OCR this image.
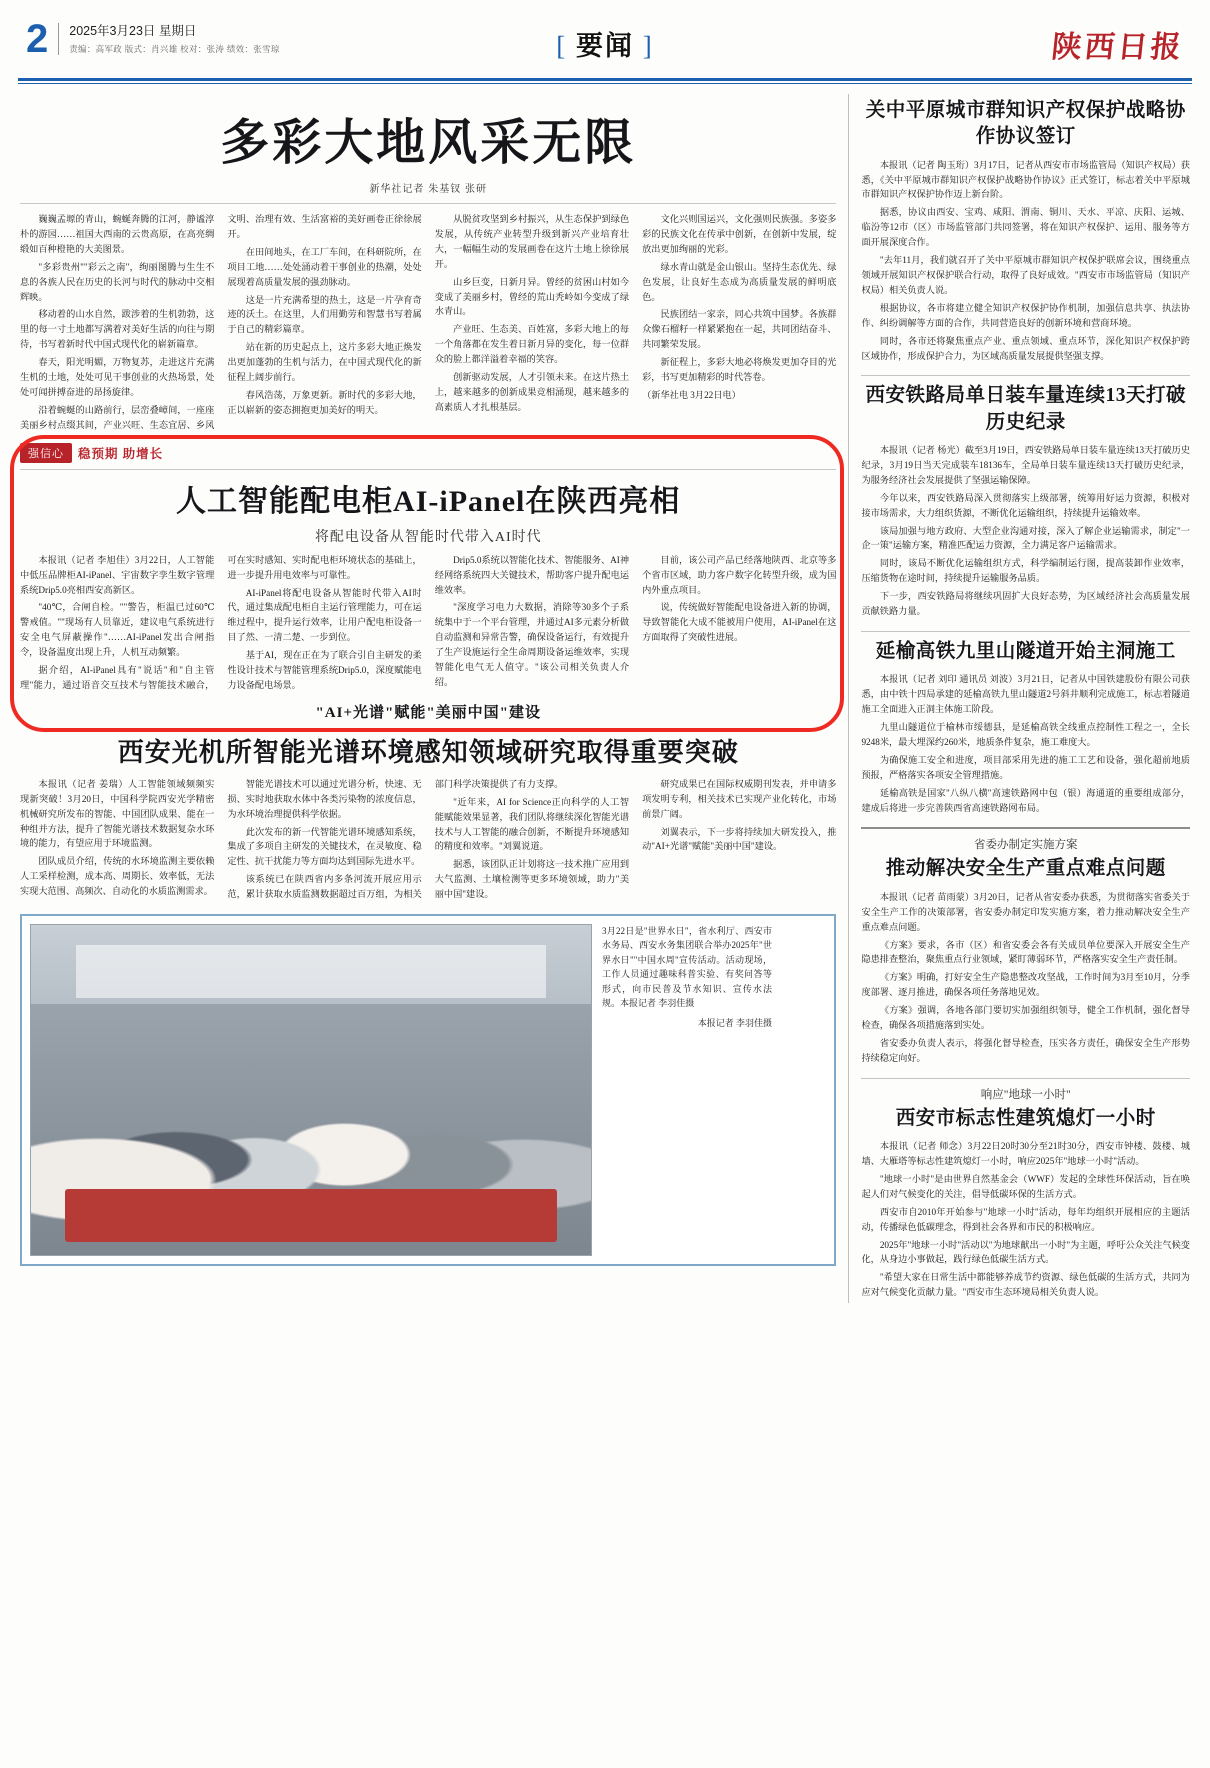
2 2025年3月23日 星期日
责编：高军政 版式：肖兴雄 校对：张涛 绩效：张雪琼	[ 要闻 ]	陕西日报
多彩大地风采无限
新华社记者 朱基钗 张研

巍巍孟塬的青山，蜿蜒奔腾的江河，静谧淳朴的游园……祖国大西南的云贵高原，在高亮绸缎如百种橙艳的大美图景。

"多彩贵州""彩云之南"，绚丽图腾与生生不息的各族人民在历史的长河与时代的脉动中交相辉映。

移动着的山水自然，跋涉着的生机勃勃，这里的每一寸土地都写满着对美好生活的向往与期待，书写着新时代中国式现代化的崭新篇章。

春天，阳光明媚，万物复苏，走进这片充满生机的土地，处处可见干事创业的火热场景，处处可闻拼搏奋进的昂扬旋律。

沿着蜿蜒的山路前行，层峦叠嶂间，一座座美丽乡村点缀其间，产业兴旺、生态宜居、乡风文明、治理有效、生活富裕的美好画卷正徐徐展开。

在田间地头，在工厂车间，在科研院所，在项目工地……处处涌动着干事创业的热潮，处处展现着高质量发展的强劲脉动。

这是一片充满希望的热土，这是一片孕育奇迹的沃土。在这里，人们用勤劳和智慧书写着属于自己的精彩篇章。

站在新的历史起点上，这片多彩大地正焕发出更加蓬勃的生机与活力，在中国式现代化的新征程上阔步前行。

春风浩荡，万象更新。新时代的多彩大地，正以崭新的姿态拥抱更加美好的明天。

从脱贫攻坚到乡村振兴，从生态保护到绿色发展，从传统产业转型升级到新兴产业培育壮大，一幅幅生动的发展画卷在这片土地上徐徐展开。

山乡巨变，日新月异。曾经的贫困山村如今变成了美丽乡村，曾经的荒山秃岭如今变成了绿水青山。

产业旺、生态美、百姓富，多彩大地上的每一个角落都在发生着日新月异的变化，每一位群众的脸上都洋溢着幸福的笑容。

创新驱动发展，人才引领未来。在这片热土上，越来越多的创新成果竞相涌现，越来越多的高素质人才扎根基层。

文化兴则国运兴，文化强则民族强。多姿多彩的民族文化在传承中创新，在创新中发展，绽放出更加绚丽的光彩。

绿水青山就是金山银山。坚持生态优先、绿色发展，让良好生态成为高质量发展的鲜明底色。

民族团结一家亲，同心共筑中国梦。各族群众像石榴籽一样紧紧抱在一起，共同团结奋斗、共同繁荣发展。

新征程上，多彩大地必将焕发更加夺目的光彩，书写更加精彩的时代答卷。

（新华社电 3月22日电）

强信心	稳预期 助增长
人工智能配电柜AI-iPanel在陕西亮相
将配电设备从智能时代带入AI时代

本报讯（记者 李旭佳）3月22日，人工智能中低压品牌柜AI-iPanel、宇宙数字孪生数字管理系统Drip5.0亮相西安高新区。

"40℃，合闸自检。""警告，柜温已过60℃警戒值。""现场有人员靠近，建议电气系统进行安全电气屏蔽操作"……AI-iPanel发出合闸指令，设备温度出现上升，人机互动频繁。

据介绍，AI-iPanel具有"说话"和"自主管理"能力，通过语音交互技术与智能技术融合，可在实时感知、实时配电柜环境状态的基础上，进一步提升用电效率与可靠性。

AI-iPanel将配电设备从智能时代带入AI时代，通过集成配电柜自主运行管理能力，可在运维过程中，提升运行效率，让用户配电柜设备一目了然、一清二楚、一步到位。

基于AI，现在正在为了联合引自主研发的柔性设计技术与智能管理系统Drip5.0，深度赋能电力设备配电场景。

Drip5.0系统以智能化技术、智能服务、AI神经网络系统四大关键技术，帮助客户提升配电运维效率。

"深度学习电力大数据，消除等30多个子系统集中于一个平台管理，并通过AI多元素分析做自动监测和异常告警，确保设备运行，有效提升了生产设施运行全生命周期设备运维效率，实现智能化电气无人值守。"该公司相关负责人介绍。

目前，该公司产品已经落地陕西、北京等多个省市区域，助力客户数字化转型升级，成为国内外重点项目。

说，传统做好智能配电设备进入新的协调，导致智能化大成不能被用户使用，AI-iPanel在这方面取得了突破性进展。

"AI+光谱"赋能"美丽中国"建设
西安光机所智能光谱环境感知领域研究取得重要突破

本报讯（记者 姜瑞）人工智能领域频频实现新突破！3月20日，中国科学院西安光学精密机械研究所发布的智能、中国团队成果、能在一种组并方法，提升了智能光谱技术数据复杂水环境的能力，有望应用于环境监测。

团队成员介绍，传统的水环境监测主要依赖人工采样检测，成本高、周期长、效率低，无法实现大范围、高频次、自动化的水质监测需求。

智能光谱技术可以通过光谱分析，快速、无损、实时地获取水体中各类污染物的浓度信息，为水环境治理提供科学依据。

此次发布的新一代智能光谱环境感知系统，集成了多项自主研发的关键技术，在灵敏度、稳定性、抗干扰能力等方面均达到国际先进水平。

该系统已在陕西省内多条河流开展应用示范，累计获取水质监测数据超过百万组，为相关部门科学决策提供了有力支撑。

"近年来，AI for Science正向科学的人工智能赋能效果显著，我们团队将继续深化智能光谱技术与人工智能的融合创新，不断提升环境感知的精度和效率。"刘翼说道。

据悉，该团队正计划将这一技术推广应用到大气监测、土壤检测等更多环境领域，助力"美丽中国"建设。

研究成果已在国际权威期刊发表，并申请多项发明专利，相关技术已实现产业化转化，市场前景广阔。

刘翼表示，下一步将持续加大研发投入，推动"AI+光谱"赋能"美丽中国"建设。

3月22日是"世界水日"，省水利厅、西安市水务局、西安水务集团联合举办2025年"世界水日""中国水周"宣传活动。活动现场，工作人员通过趣味科普实验、有奖问答等形式，向市民普及节水知识、宣传水法规。本报记者 李羽佳摄
本报记者 李羽佳摄
关中平原城市群知识产权保护战略协作协议签订

本报讯（记者 陶玉珩）3月17日，记者从西安市市场监管局（知识产权局）获悉，《关中平原城市群知识产权保护战略协作协议》正式签订，标志着关中平原城市群知识产权保护协作迈上新台阶。

据悉，协议由西安、宝鸡、咸阳、渭南、铜川、天水、平凉、庆阳、运城、临汾等12市（区）市场监管部门共同签署，将在知识产权保护、运用、服务等方面开展深度合作。

"去年11月，我们就召开了关中平原城市群知识产权保护联席会议，围绕重点领域开展知识产权保护联合行动，取得了良好成效。"西安市市场监管局（知识产权局）相关负责人说。

根据协议，各市将建立健全知识产权保护协作机制，加强信息共享、执法协作、纠纷调解等方面的合作，共同营造良好的创新环境和营商环境。

同时，各市还将聚焦重点产业、重点领域、重点环节，深化知识产权保护跨区域协作，形成保护合力，为区域高质量发展提供坚强支撑。

西安铁路局单日装车量连续13天打破历史纪录

本报讯（记者 杨光）截至3月19日，西安铁路局单日装车量连续13天打破历史纪录，3月19日当天完成装车18136车，全局单日装车量连续13天打破历史纪录，为服务经济社会发展提供了坚强运输保障。

今年以来，西安铁路局深入贯彻落实上级部署，统筹用好运力资源，积极对接市场需求，大力组织货源，不断优化运输组织，持续提升运输效率。

该局加强与地方政府、大型企业沟通对接，深入了解企业运输需求，制定"一企一策"运输方案，精准匹配运力资源，全力满足客户运输需求。

同时，该局不断优化运输组织方式，科学编制运行图，提高装卸作业效率，压缩货物在途时间，持续提升运输服务品质。

下一步，西安铁路局将继续巩固扩大良好态势，为区域经济社会高质量发展贡献铁路力量。

延榆高铁九里山隧道开始主洞施工

本报讯（记者 刘印 通讯员 刘波）3月21日，记者从中国铁建股份有限公司获悉，由中铁十四局承建的延榆高铁九里山隧道2号斜井顺利完成施工，标志着隧道施工全面进入正洞主体施工阶段。

九里山隧道位于榆林市绥德县，是延榆高铁全线重点控制性工程之一，全长9248米，最大埋深约260米，地质条件复杂，施工难度大。

为确保施工安全和进度，项目部采用先进的施工工艺和设备，强化超前地质预报，严格落实各项安全管理措施。

延榆高铁是国家"八纵八横"高速铁路网中包（银）海通道的重要组成部分，建成后将进一步完善陕西省高速铁路网布局。

省委办制定实施方案
推动解决安全生产重点难点问题

本报讯（记者 苗雨蒙）3月20日，记者从省安委办获悉，为贯彻落实省委关于安全生产工作的决策部署，省安委办制定印发实施方案，着力推动解决安全生产重点难点问题。

《方案》要求，各市（区）和省安委会各有关成员单位要深入开展安全生产隐患排查整治，聚焦重点行业领域，紧盯薄弱环节，严格落实安全生产责任制。

《方案》明确，打好安全生产隐患整改攻坚战，工作时间为3月至10月，分季度部署、逐月推进，确保各项任务落地见效。

《方案》强调，各地各部门要切实加强组织领导，健全工作机制，强化督导检查，确保各项措施落到实处。

省安委办负责人表示，将强化督导检查，压实各方责任，确保安全生产形势持续稳定向好。

响应"地球一小时"
西安市标志性建筑熄灯一小时

本报讯（记者 师念）3月22日20时30分至21时30分，西安市钟楼、鼓楼、城墙、大雁塔等标志性建筑熄灯一小时，响应2025年"地球一小时"活动。

"地球一小时"是由世界自然基金会（WWF）发起的全球性环保活动，旨在唤起人们对气候变化的关注，倡导低碳环保的生活方式。

西安市自2010年开始参与"地球一小时"活动，每年均组织开展相应的主题活动，传播绿色低碳理念，得到社会各界和市民的积极响应。

2025年"地球一小时"活动以"为地球献出一小时"为主题，呼吁公众关注气候变化，从身边小事做起，践行绿色低碳生活方式。

"希望大家在日常生活中都能够养成节约资源、绿色低碳的生活方式，共同为应对气候变化贡献力量。"西安市生态环境局相关负责人说。
